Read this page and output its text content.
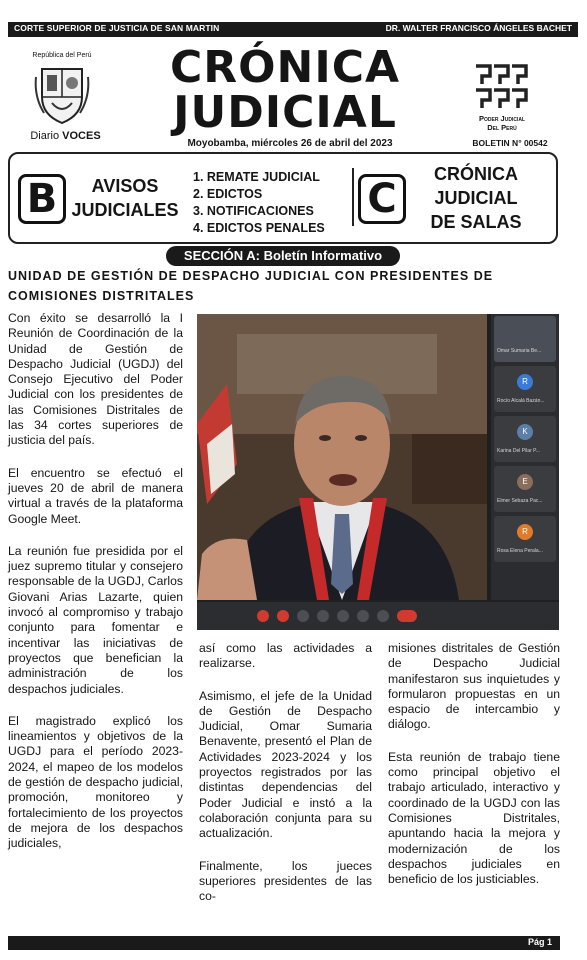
CORTE SUPERIOR DE JUSTICIA DE SAN MARTIN	DR. WALTER FRANCISCO ÁNGELES BACHET
República del Perú
Diario VOCES
CRÓNICA
JUDICIAL
Moyobamba, miércoles 26 de abril del 2023
Poder Judicial
Del Perú
BOLETIN N° 00542
B	AVISOS
JUDICIALES
1. REMATE JUDICIAL
2. EDICTOS
3. NOTIFICACIONES
4. EDICTOS PENALES
C
CRÓNICA
JUDICIAL
DE SALAS
SECCIÓN A: Boletín Informativo
UNIDAD DE GESTIÓN DE DESPACHO JUDICIAL CON PRESIDENTES DE COMISIONES DISTRITALES

Con éxito se desarrolló la I Reunión de Coordinación de la Unidad de Gestión de Despacho Judicial (UGDJ) del Consejo Ejecutivo del Poder Judicial con los presidentes de las Comisiones Distritales de las 34 cortes superiores de justicia del país.

El encuentro se efectuó el jueves 20 de abril de manera virtual a través de la plataforma Google Meet.

La reunión fue presidida por el juez supremo titular y consejero responsable de la UGDJ, Carlos Giovani Arias Lazarte, quien invocó al compromiso y trabajo conjunto para fomentar e incentivar las iniciativas de proyectos que benefician la administración de los despachos judiciales.

El magistrado explicó los lineamientos y objetivos de la UGDJ para el período 2023-2024, el mapeo de los modelos de gestión de despacho judicial, promoción, monitoreo y fortalecimiento de los proyectos de mejora de los despachos judiciales,

Omar Sumaria Be...
R
Rocío Alcalá Bazán...
K
Karina Del Pilar P...
E
Elmer Sebaza Pac...
R
Rosa Elena Perala...

así como las actividades a realizarse.

Asimismo, el jefe de la Unidad de Gestión de Despacho Judicial, Omar Sumaria Benavente, presentó el Plan de Actividades 2023-2024 y los proyectos registrados por las distintas dependencias del Poder Judicial e instó a la colaboración conjunta para su actualización.

Finalmente, los jueces superiores presidentes de las co-

misiones distritales de Gestión de Despacho Judicial manifestaron sus inquietudes y formularon propuestas en un espacio de intercambio y diálogo.

Esta reunión de trabajo tiene como principal objetivo el trabajo articulado, interactivo y coordinado de la UGDJ con las Comisiones Distritales, apuntando hacia la mejora y modernización de los despachos judiciales en beneficio de los justiciables.

Pág 1
